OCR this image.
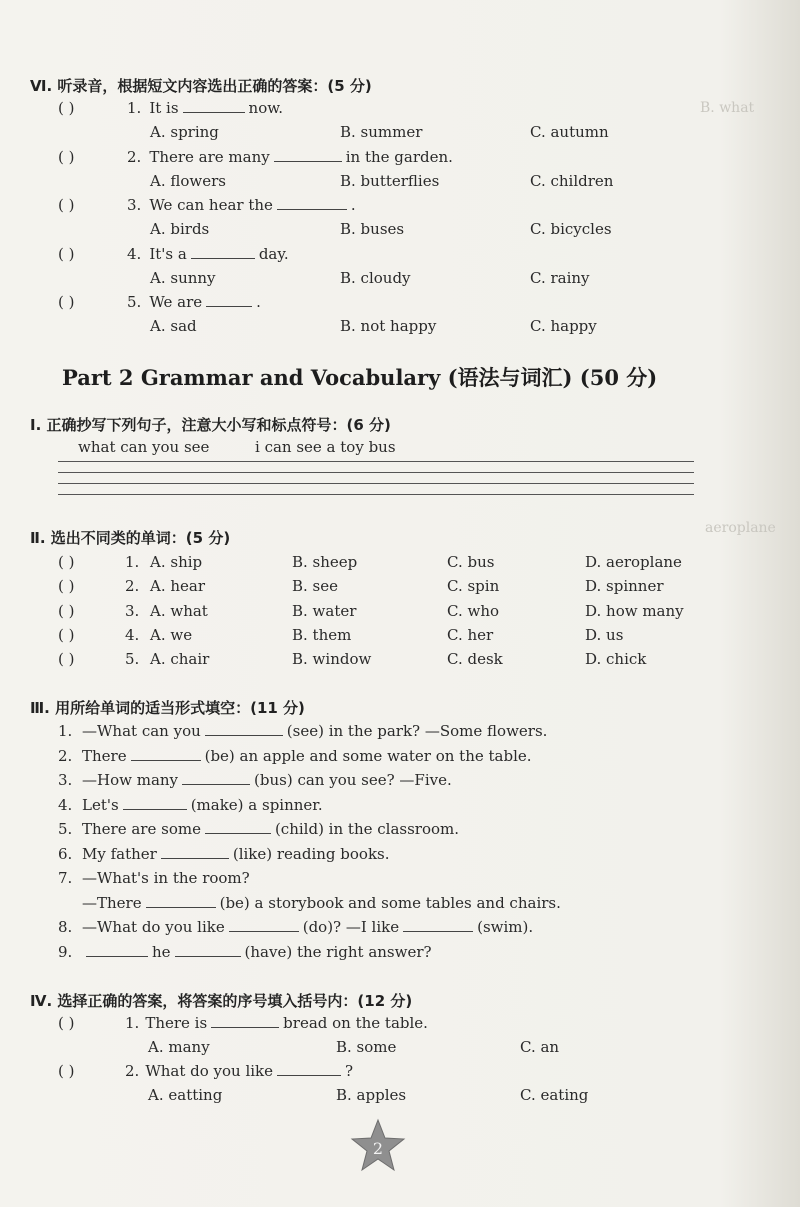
B. what
aeroplane
Ⅵ. 听录音，根据短文内容选出正确的答案：(5 分)
( )	1. It is	now.
A. spring	B. summer	C. autumn
( )	2. There are many	in the garden.
A. flowers	B. butterflies	C. children
( )	3. We can hear the	.
A. birds	B. buses	C. bicycles
( )	4. It's a	day.
A. sunny	B. cloudy	C. rainy
( )	5. We are	.
A. sad	B. not happy	C. happy
Part 2 Grammar and Vocabulary (语法与词汇) (50 分)
Ⅰ. 正确抄写下列句子，注意大小写和标点符号：(6 分)
what can you see	i can see a toy bus
Ⅱ. 选出不同类的单词：(5 分)
( )	1. A. ship	B. sheep	C. bus	D. aeroplane
( )	2. A. hear	B. see	C. spin	D. spinner
( )	3. A. what	B. water	C. who	D. how many
( )	4. A. we	B. them	C. her	D. us
( )	5. A. chair	B. window	C. desk	D. chick
Ⅲ. 用所给单词的适当形式填空：(11 分)
1. —What can you	(see) in the park? —Some flowers.
2. There	(be) an apple and some water on the table.
3. —How many	(bus) can you see? —Five.
4. Let's	(make) a spinner.
5. There are some	(child) in the classroom.
6. My father	(like) reading books.
7. —What's in the room?
—There	(be) a storybook and some tables and chairs.
8. —What do you like	(do)? —I like	(swim).
9.	he	(have) the right answer?
Ⅳ. 选择正确的答案，将答案的序号填入括号内：(12 分)
( )	1. There is	bread on the table.
A. many	B. some	C. an
( )	2. What do you like	?
A. eatting	B. apples	C. eating
2
